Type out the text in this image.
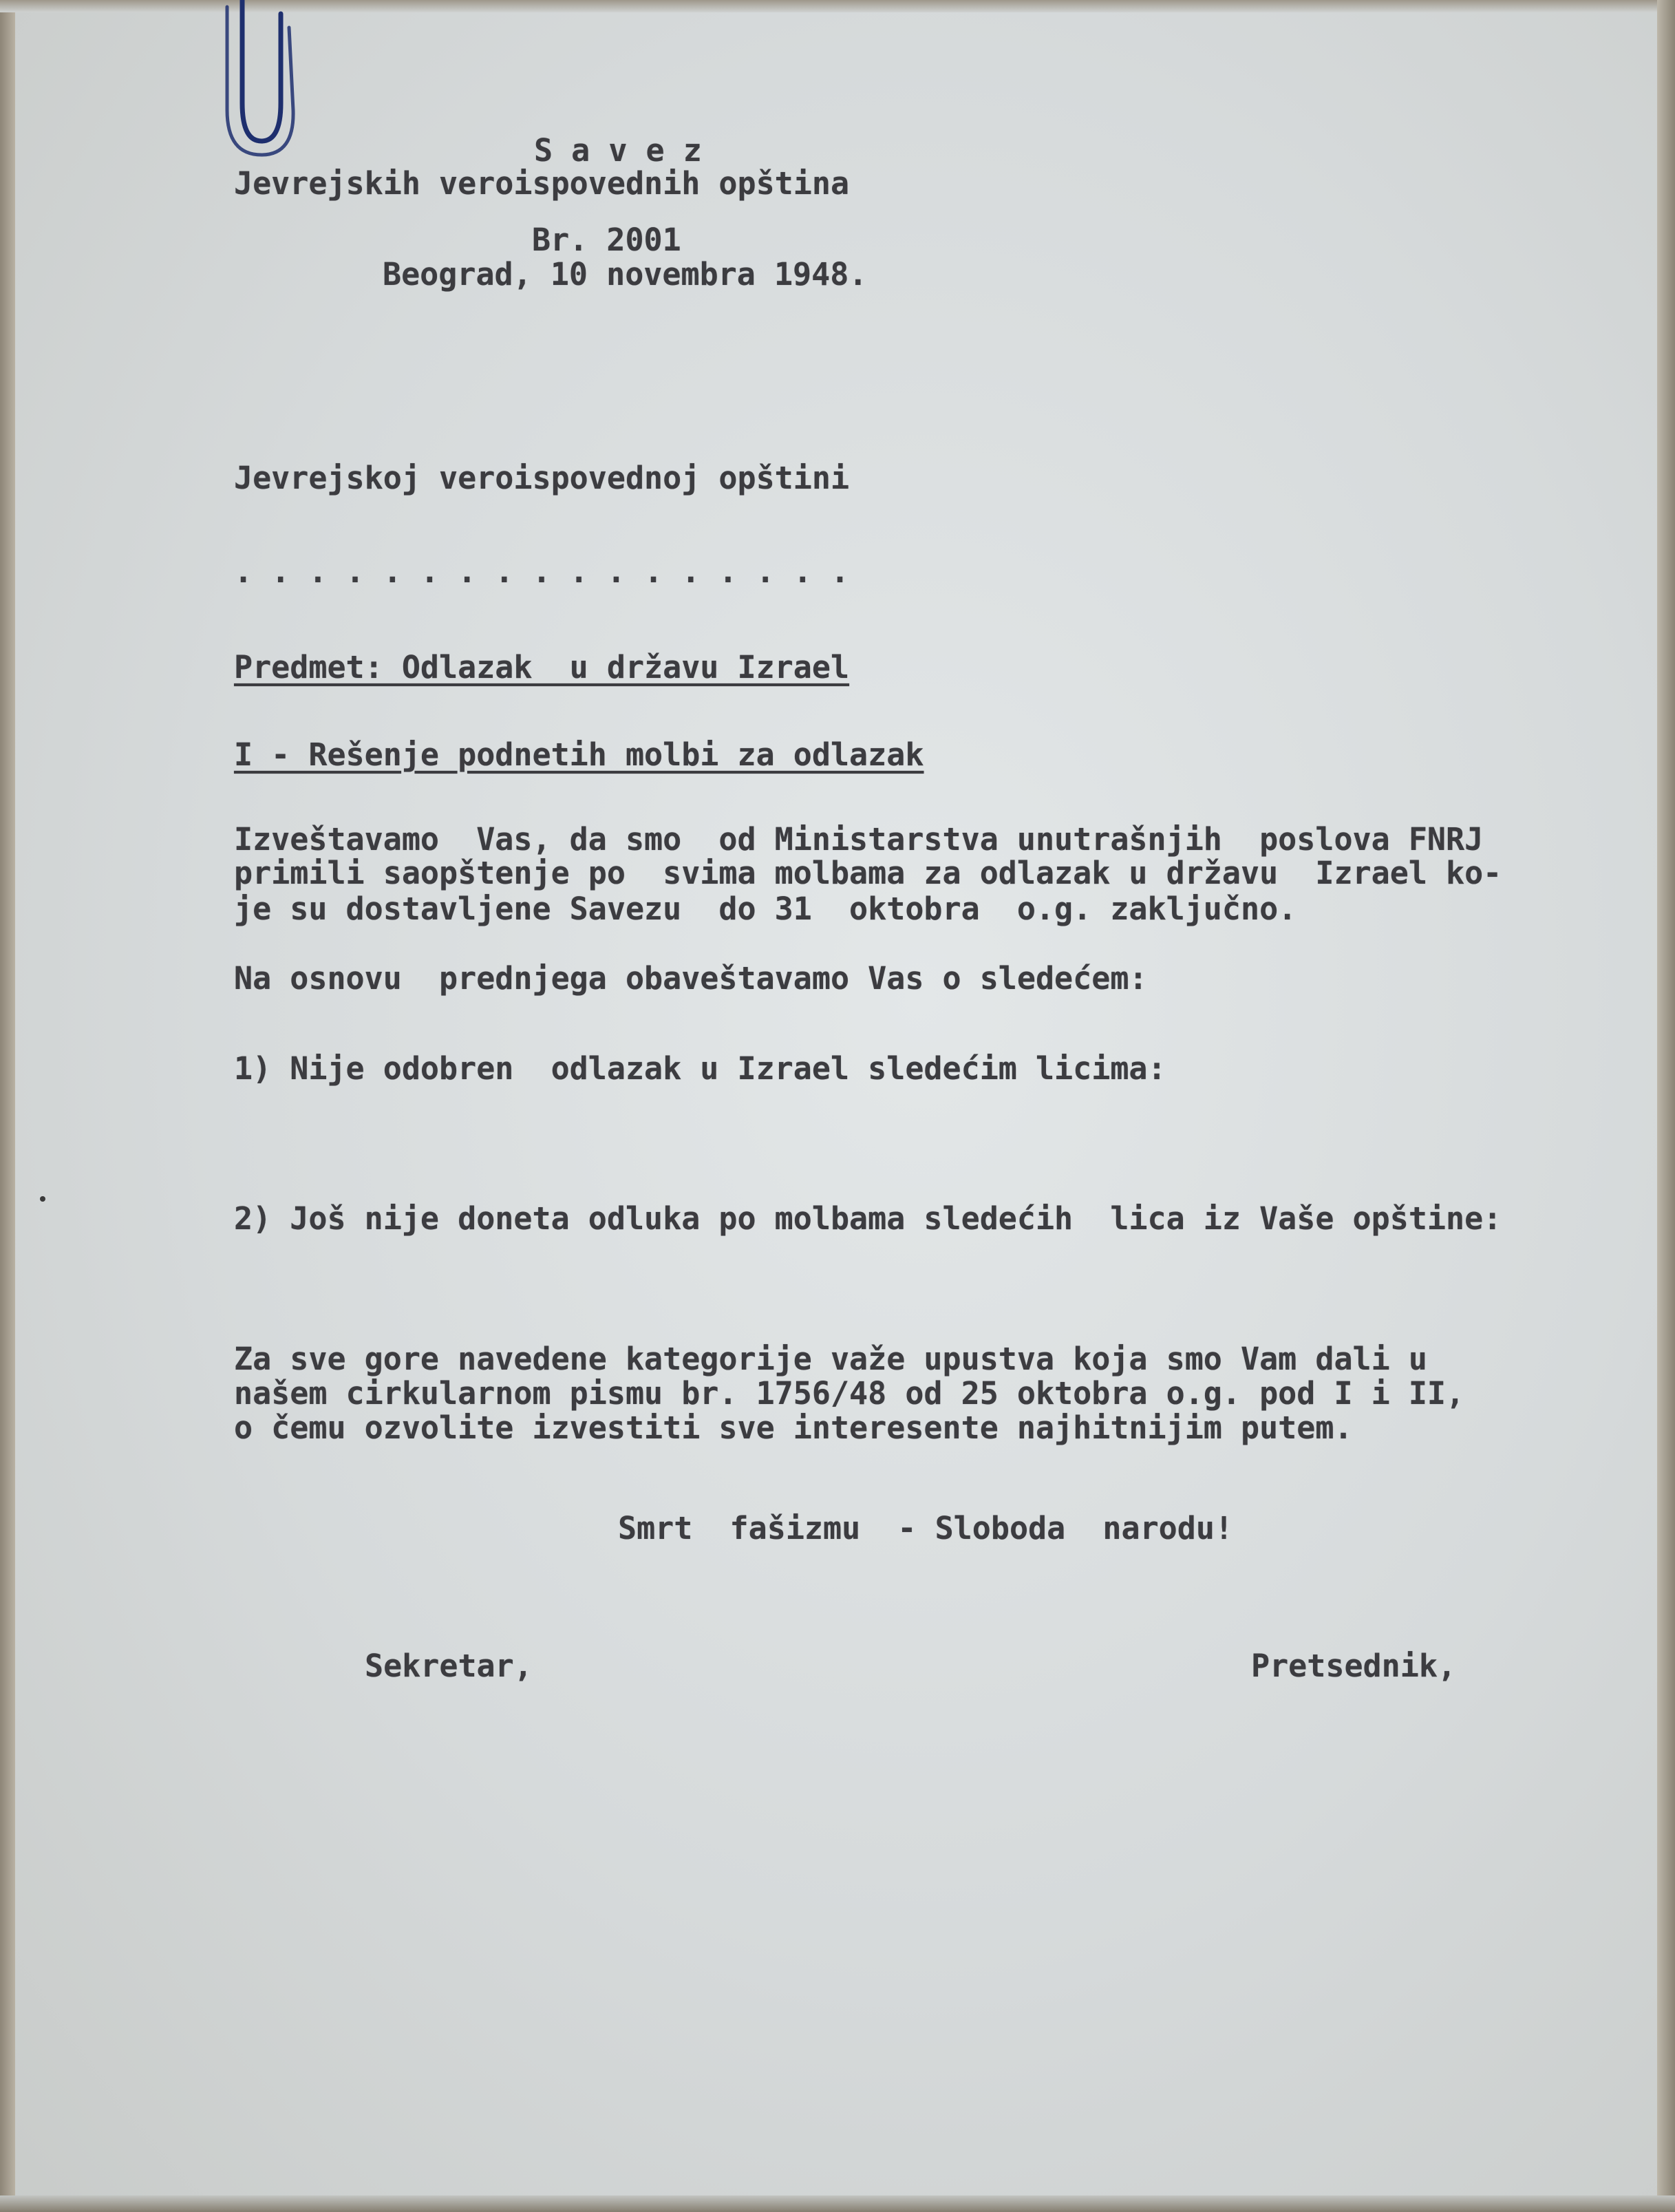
S a v e z
Jevrejskih veroispovednih opština
Br. 2001
Beograd, 10 novembra 1948.
Jevrejskoj veroispovednoj opštini
. . . . . . . . . . . . . . . . .
Predmet: Odlazak  u državu Izrael
I - Rešenje podnetih molbi za odlazak
Izveštavamo  Vas, da smo  od Ministarstva unutrašnjih  poslova FNRJ
primili saopštenje po  svima molbama za odlazak u državu  Izrael ko-
je su dostavljene Savezu  do 31  oktobra  o.g. zaključno.
Na osnovu  prednjega obaveštavamo Vas o sledećem:
1) Nije odobren  odlazak u Izrael sledećim licima:
2) Još nije doneta odluka po molbama sledećih  lica iz Vaše opštine:
Za sve gore navedene kategorije važe upustva koja smo Vam dali u
našem cirkularnom pismu br. 1756/48 od 25 oktobra o.g. pod I i II,
o čemu ozvolite izvestiti sve interesente najhitnijim putem.
Smrt  fašizmu  - Sloboda  narodu!
Sekretar,	Pretsednik,
